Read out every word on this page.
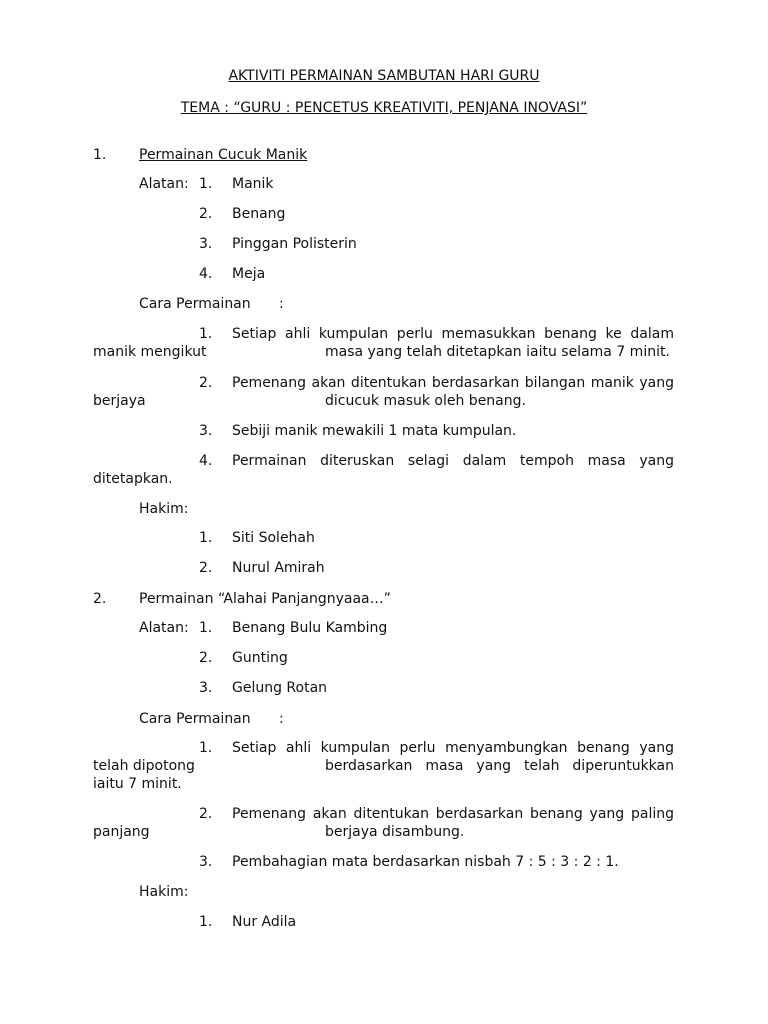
AKTIVITI PERMAINAN SAMBUTAN HARI GURU
TEMA : “GURU : PENCETUS KREATIVITI, PENJANA INOVASI”
1. Permainan Cucuk Manik
Alatan: 1. Manik
2. Benang
3. Pinggan Polisterin
4. Meja
Cara Permainan :
1. Setiap ahli kumpulan perlu memasukkan benang ke dalam
manik mengikut	masa yang telah ditetapkan iaitu selama 7 minit.
2. Pemenang akan ditentukan berdasarkan bilangan manik yang
berjaya	dicucuk masuk oleh benang.
3. Sebiji manik mewakili 1 mata kumpulan.
4. Permainan diteruskan selagi dalam tempoh masa yang
ditetapkan.
Hakim:
1. Siti Solehah
2. Nurul Amirah
2. Permainan “Alahai Panjangnyaaa…”
Alatan: 1. Benang Bulu Kambing
2. Gunting
3. Gelung Rotan
Cara Permainan :
1. Setiap ahli kumpulan perlu menyambungkan benang yang
telah dipotong	berdasarkan masa yang telah diperuntukkan
iaitu 7 minit.
2. Pemenang akan ditentukan berdasarkan benang yang paling
panjang	berjaya disambung.
3. Pembahagian mata berdasarkan nisbah 7 : 5 : 3 : 2 : 1.
Hakim:
1. Nur Adila
